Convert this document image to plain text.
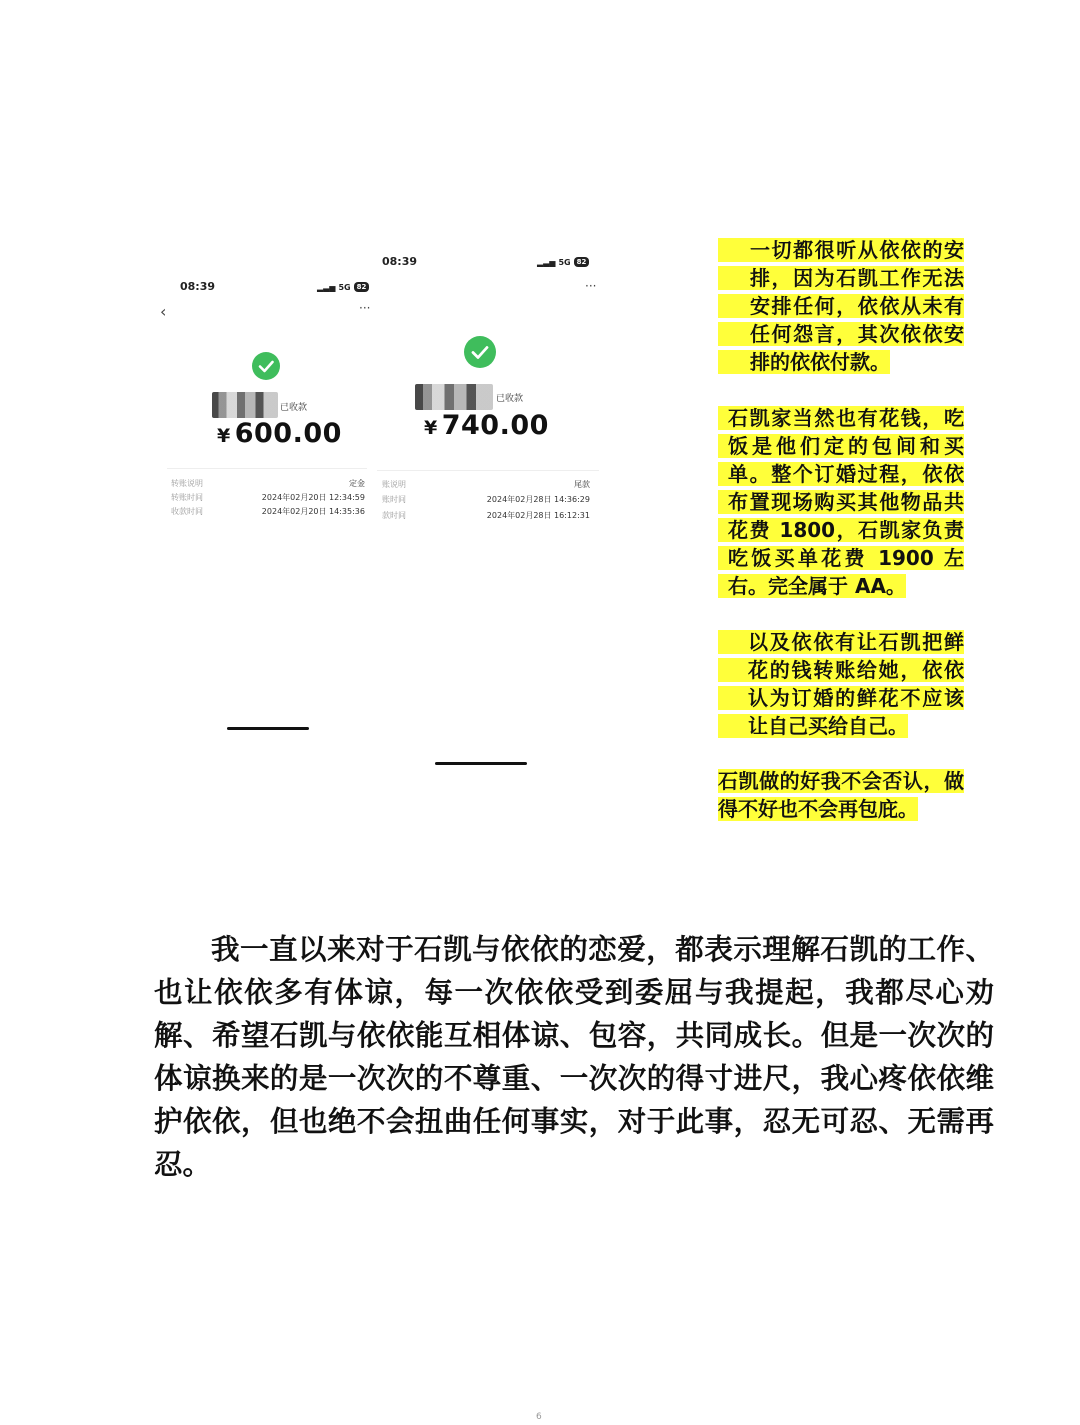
08:39	▂▃▅ 5G 82
‹	···
已收款
¥ 600.00
转账说明	定金
转账时间	2024年02月20日 12:34:59
收款时间	2024年02月20日 14:35:36
08:39	▂▃▅ 5G 82
···
已收款
¥ 740.00
账说明	尾款
账时间	2024年02月28日 14:36:29
款时间	2024年02月28日 16:12:31

一切都很听从依依的安排，因为石凯工作无法安排任何，依依从未有任何怨言，其次依依安排的依依付款。

石凯家当然也有花钱，吃饭是他们定的包间和买单。整个订婚过程，依依布置现场购买其他物品共花费 1800，石凯家负责吃饭买单花费 1900 左右。完全属于 AA。

以及依依有让石凯把鲜花的钱转账给她，依依认为订婚的鲜花不应该让自己买给自己。

石凯做的好我不会否认，做得不好也不会再包庇。

我一直以来对于石凯与依依的恋爱，都表示理解石凯的工作、也让依依多有体谅，每一次依依受到委屈与我提起，我都尽心劝解、希望石凯与依依能互相体谅、包容，共同成长。但是一次次的体谅换来的是一次次的不尊重、一次次的得寸进尺，我心疼依依维护依依，但也绝不会扭曲任何事实，对于此事，忍无可忍、无需再忍。

6
